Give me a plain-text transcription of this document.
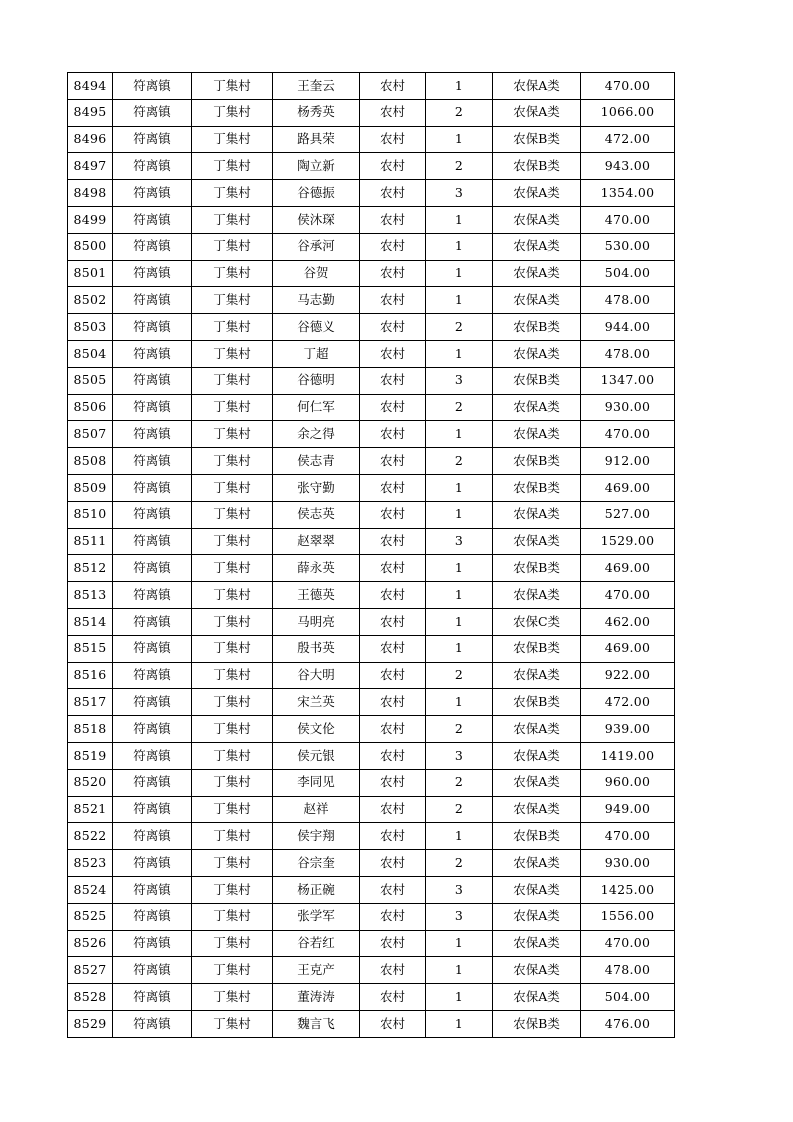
8494	符离镇	丁集村	王奎云	农村	1	农保A类	470.00
8495	符离镇	丁集村	杨秀英	农村	2	农保A类	1066.00
8496	符离镇	丁集村	路具荣	农村	1	农保B类	472.00
8497	符离镇	丁集村	陶立新	农村	2	农保B类	943.00
8498	符离镇	丁集村	谷德振	农村	3	农保A类	1354.00
8499	符离镇	丁集村	侯沐琛	农村	1	农保A类	470.00
8500	符离镇	丁集村	谷承河	农村	1	农保A类	530.00
8501	符离镇	丁集村	谷贺	农村	1	农保A类	504.00
8502	符离镇	丁集村	马志勤	农村	1	农保A类	478.00
8503	符离镇	丁集村	谷德义	农村	2	农保B类	944.00
8504	符离镇	丁集村	丁超	农村	1	农保A类	478.00
8505	符离镇	丁集村	谷德明	农村	3	农保B类	1347.00
8506	符离镇	丁集村	何仁军	农村	2	农保A类	930.00
8507	符离镇	丁集村	余之得	农村	1	农保A类	470.00
8508	符离镇	丁集村	侯志青	农村	2	农保B类	912.00
8509	符离镇	丁集村	张守勤	农村	1	农保B类	469.00
8510	符离镇	丁集村	侯志英	农村	1	农保A类	527.00
8511	符离镇	丁集村	赵翠翠	农村	3	农保A类	1529.00
8512	符离镇	丁集村	薛永英	农村	1	农保B类	469.00
8513	符离镇	丁集村	王德英	农村	1	农保A类	470.00
8514	符离镇	丁集村	马明亮	农村	1	农保C类	462.00
8515	符离镇	丁集村	殷书英	农村	1	农保B类	469.00
8516	符离镇	丁集村	谷大明	农村	2	农保A类	922.00
8517	符离镇	丁集村	宋兰英	农村	1	农保B类	472.00
8518	符离镇	丁集村	侯文伦	农村	2	农保A类	939.00
8519	符离镇	丁集村	侯元银	农村	3	农保A类	1419.00
8520	符离镇	丁集村	李同见	农村	2	农保A类	960.00
8521	符离镇	丁集村	赵祥	农村	2	农保A类	949.00
8522	符离镇	丁集村	侯宇翔	农村	1	农保B类	470.00
8523	符离镇	丁集村	谷宗奎	农村	2	农保A类	930.00
8524	符离镇	丁集村	杨正碗	农村	3	农保A类	1425.00
8525	符离镇	丁集村	张学军	农村	3	农保A类	1556.00
8526	符离镇	丁集村	谷若红	农村	1	农保A类	470.00
8527	符离镇	丁集村	王克产	农村	1	农保A类	478.00
8528	符离镇	丁集村	董涛涛	农村	1	农保A类	504.00
8529	符离镇	丁集村	魏言飞	农村	1	农保B类	476.00
